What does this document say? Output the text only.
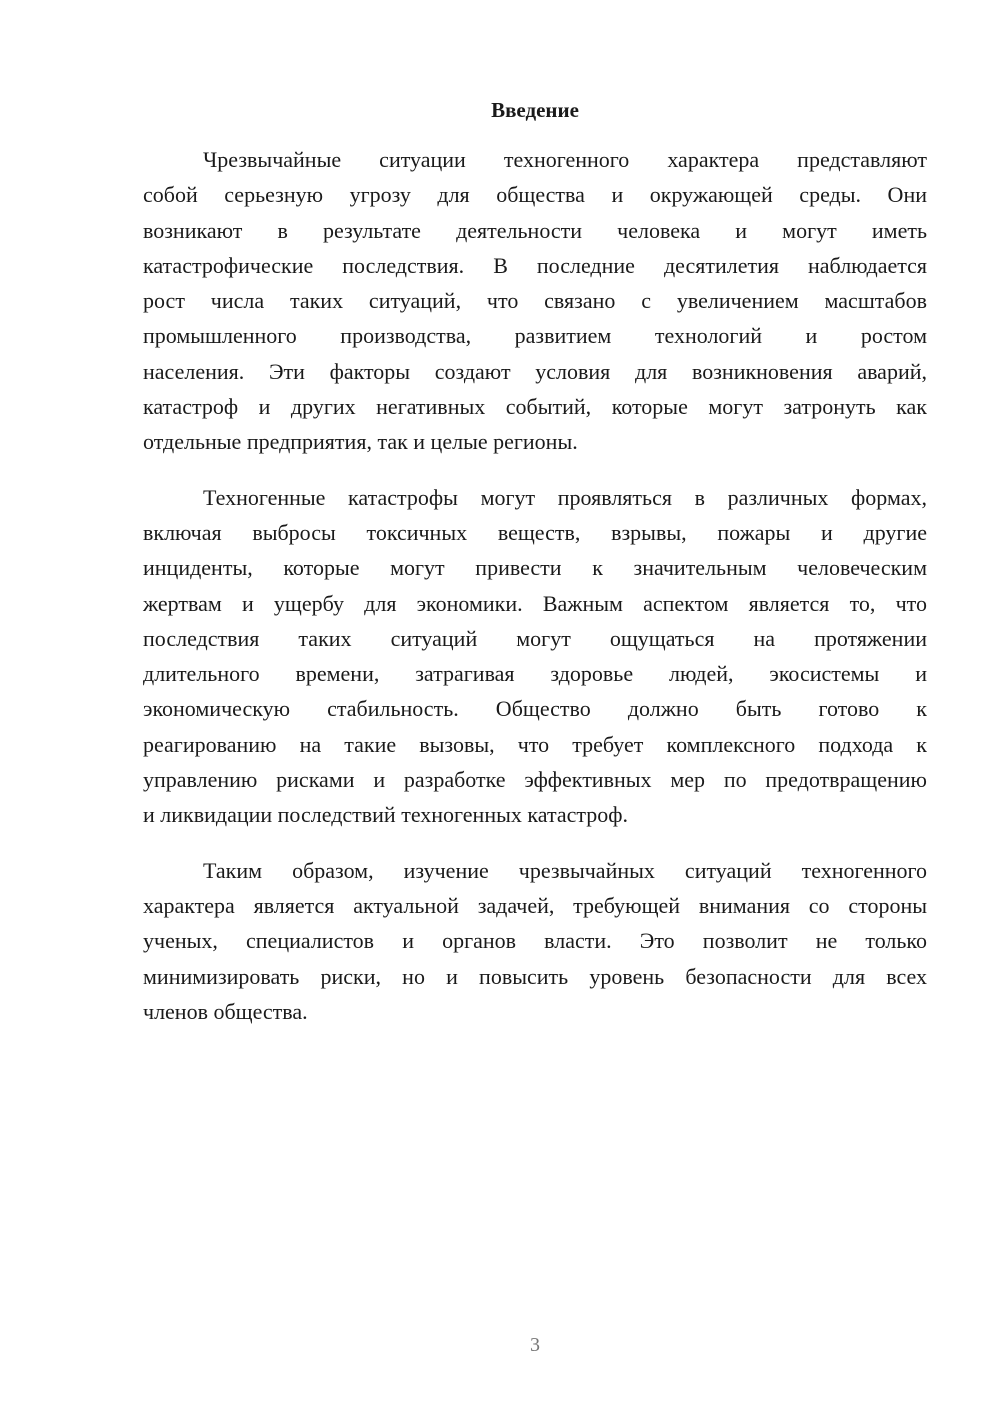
Введение
Чрезвычайные ситуации техногенного характера представляют
собой серьезную угрозу для общества и окружающей среды. Они
возникают в результате деятельности человека и могут иметь
катастрофические последствия. В последние десятилетия наблюдается
рост числа таких ситуаций, что связано с увеличением масштабов
промышленного производства, развитием технологий и ростом
населения. Эти факторы создают условия для возникновения аварий,
катастроф и других негативных событий, которые могут затронуть как
отдельные предприятия, так и целые регионы.
Техногенные катастрофы могут проявляться в различных формах,
включая выбросы токсичных веществ, взрывы, пожары и другие
инциденты, которые могут привести к значительным человеческим
жертвам и ущербу для экономики. Важным аспектом является то, что
последствия таких ситуаций могут ощущаться на протяжении
длительного времени, затрагивая здоровье людей, экосистемы и
экономическую стабильность. Общество должно быть готово к
реагированию на такие вызовы, что требует комплексного подхода к
управлению рисками и разработке эффективных мер по предотвращению
и ликвидации последствий техногенных катастроф.
Таким образом, изучение чрезвычайных ситуаций техногенного
характера является актуальной задачей, требующей внимания со стороны
ученых, специалистов и органов власти. Это позволит не только
минимизировать риски, но и повысить уровень безопасности для всех
членов общества.
3
